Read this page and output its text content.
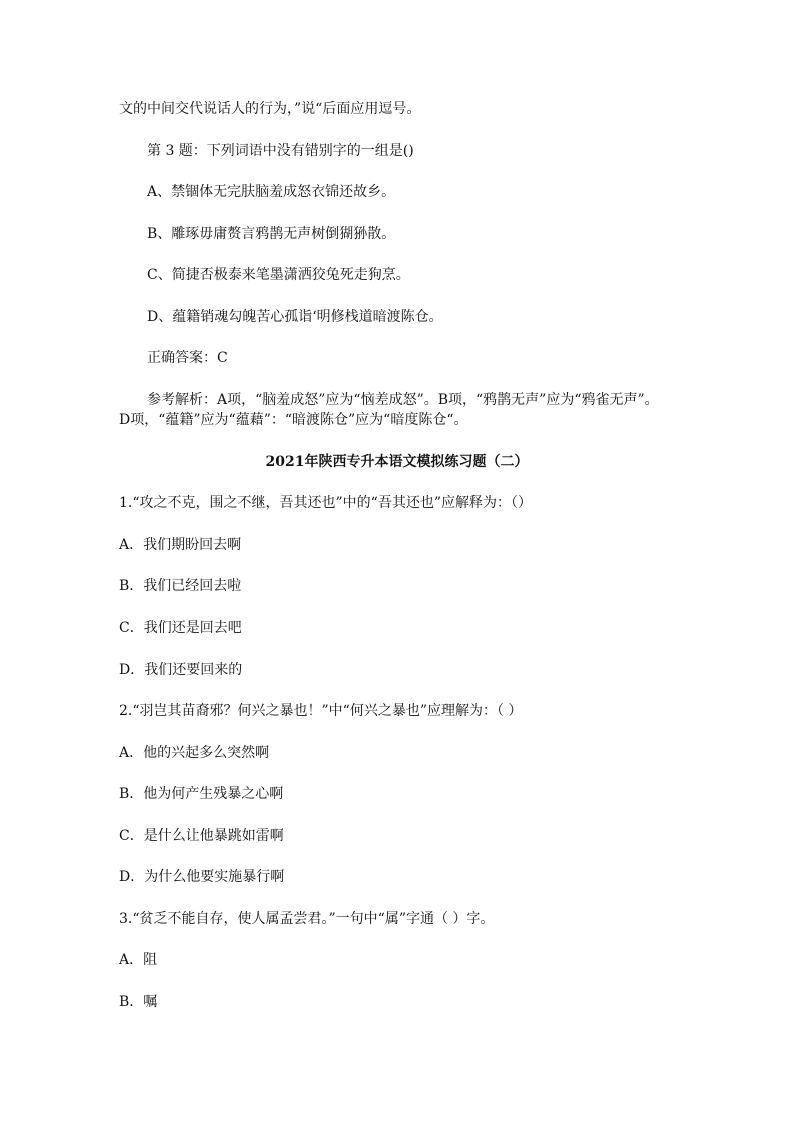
文的中间交代说话人的行为，”说“后面应用逗号。
第 3 题：下列词语中没有错别字的一组是()
A、禁锢体无完肤脑羞成怒衣锦还故乡。
B、雕琢毋庸赘言鸦鹊无声树倒猢狲散。
C、简捷否极泰来笔墨潇洒狡兔死走狗烹。
D、蕴籍销魂勾魄苦心孤诣‘明修栈道暗渡陈仓。
正确答案：C
参考解析：A项，“脑羞成怒”应为“恼差成怒”。B项，“鸦鹊无声”应为“鸦雀无声”。
D项，“蕴籍”应为“蕴藉”：“暗渡陈仓”应为“暗度陈仓“。
2021年陕西专升本语文模拟练习题（二）
1.“攻之不克，围之不继，吾其还也”中的“吾其还也”应解释为：（）
A．我们期盼回去啊
B．我们已经回去啦
C．我们还是回去吧
D．我们还要回来的
2.“羽岂其苗裔邪？何兴之暴也！”中“何兴之暴也”应理解为：（ ）
A．他的兴起多么突然啊
B．他为何产生残暴之心啊
C．是什么让他暴跳如雷啊
D．为什么他要实施暴行啊
3.“贫乏不能自存，使人属孟尝君。”一句中“属”字通（ ）字。
A．阻
B．嘱
